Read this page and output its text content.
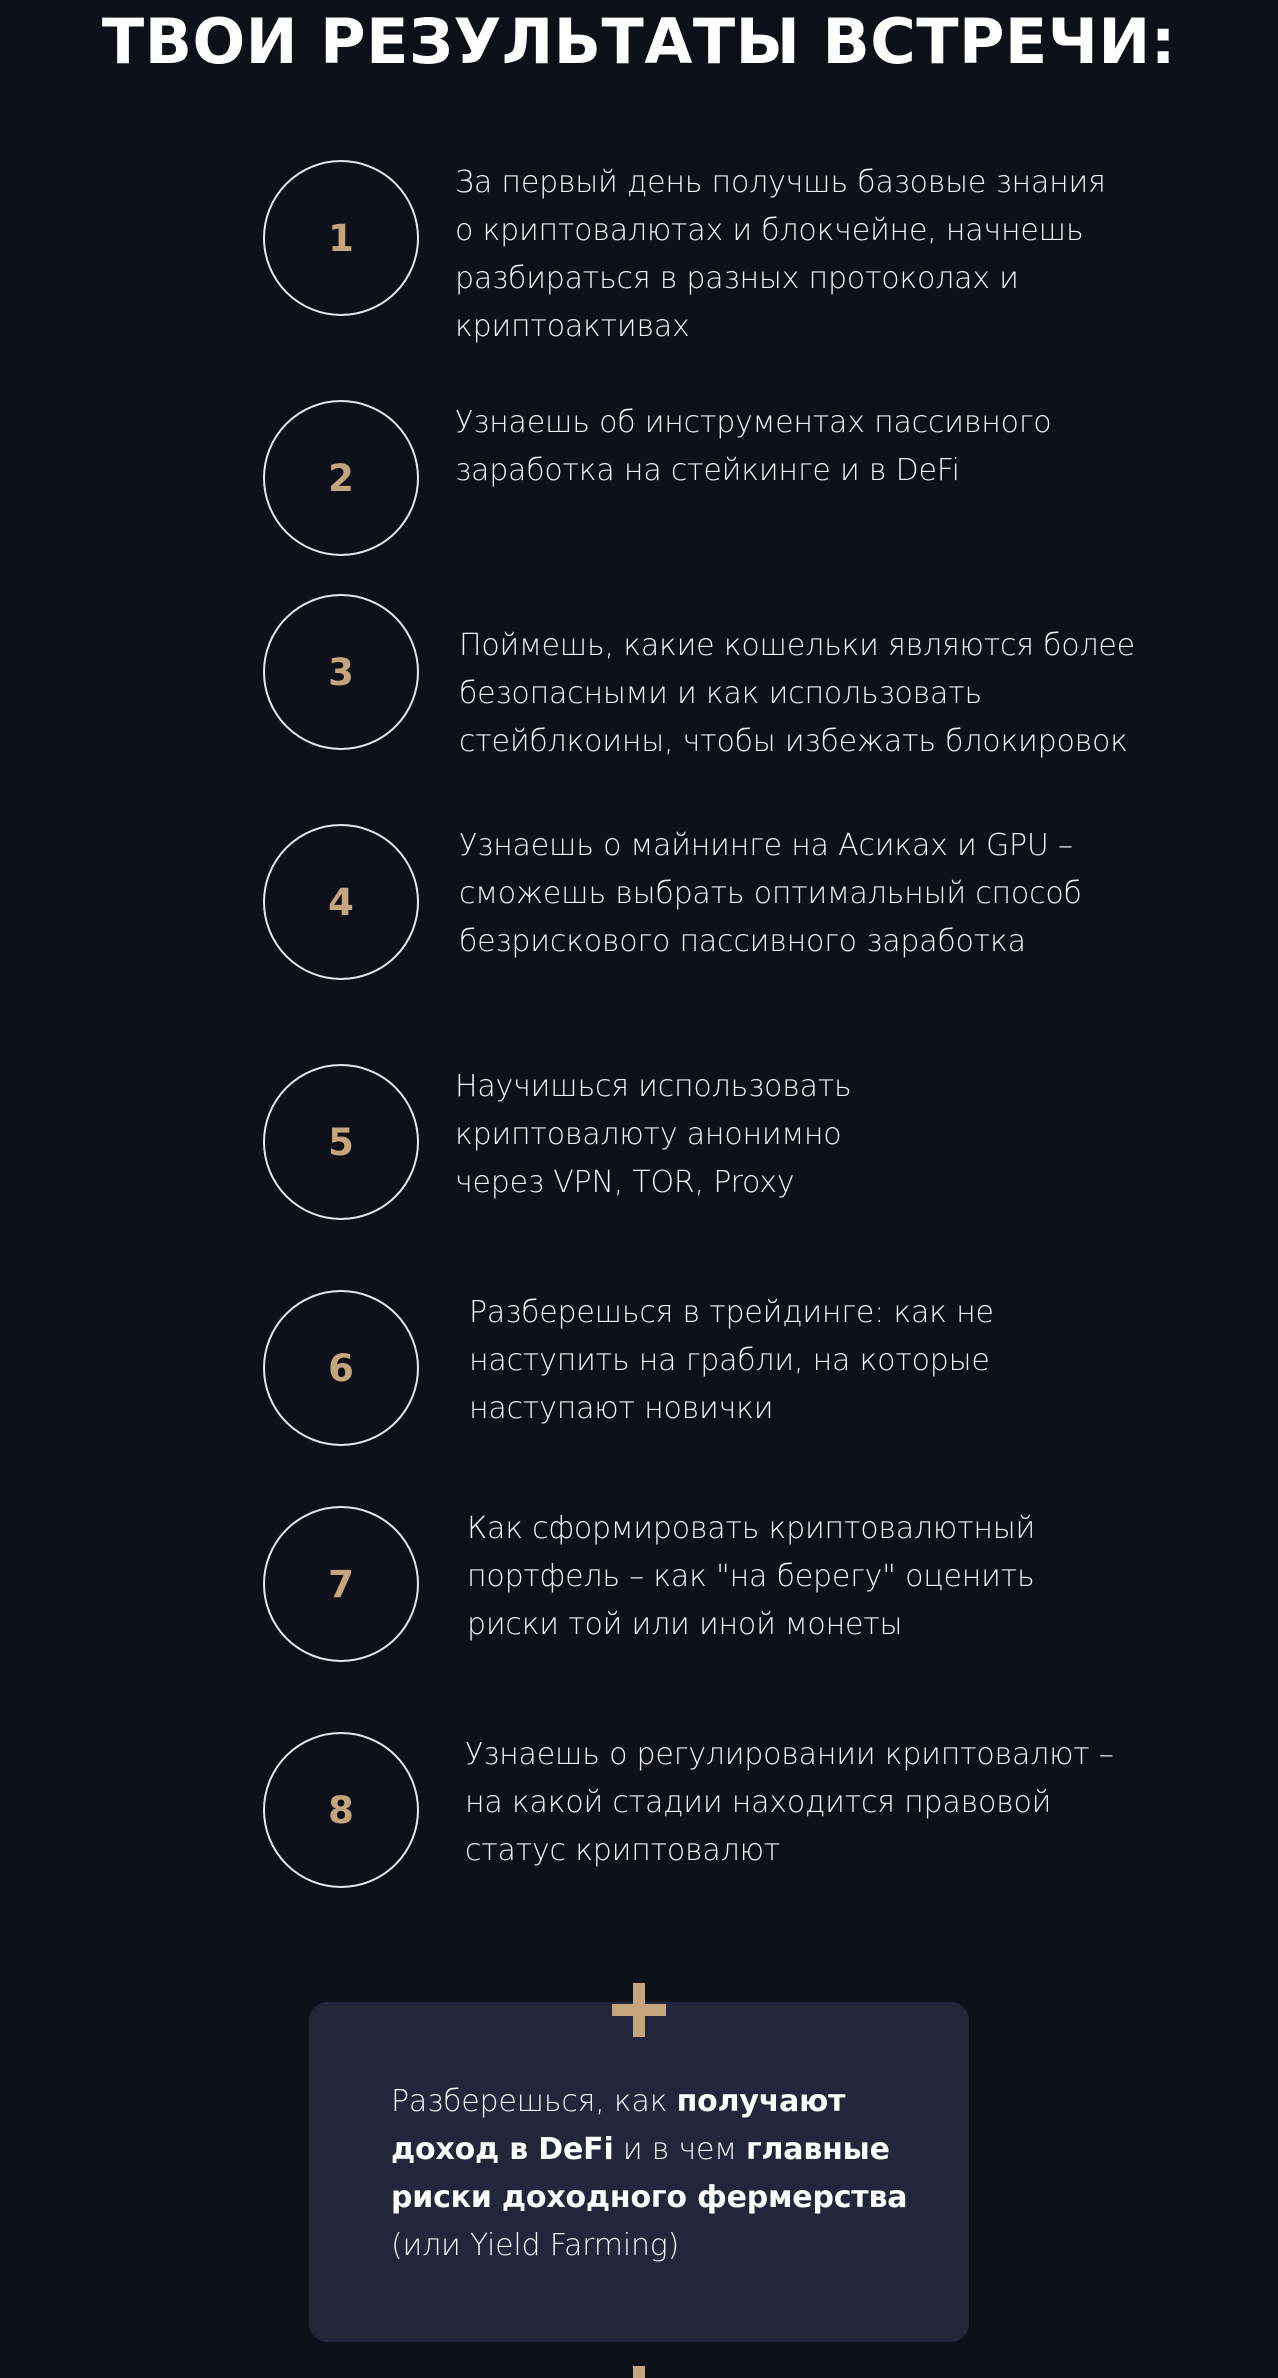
ТВОИ РЕЗУЛЬТАТЫ ВСТРЕЧИ:
1
За первый день получшь базовые знания
о криптовалютах и блокчейне, начнешь
разбираться в разных протоколах и
криптоактивах
2
Узнаешь об инструментах пассивного
заработка на стейкинге и в DeFi
3
Поймешь, какие кошельки являются более
безопасными и как использовать
стейблкоины, чтобы избежать блокировок
4
Узнаешь о майнинге на Асиках и GPU –
сможешь выбрать оптимальный способ
безрискового пассивного заработка
5
Научишься использовать
криптовалюту анонимно
через VPN, TOR, Proxy
6
Разберешься в трейдинге: как не
наступить на грабли, на которые
наступают новички
7
Как сформировать криптовалютный
портфель – как "на берегу" оценить
риски той или иной монеты
8
Узнаешь о регулировании криптовалют –
на какой стадии находится правовой
статус криптовалют
Разберешься, как получают доход в DeFi и в чем главные риски доходного фермерства (или Yield Farming)
